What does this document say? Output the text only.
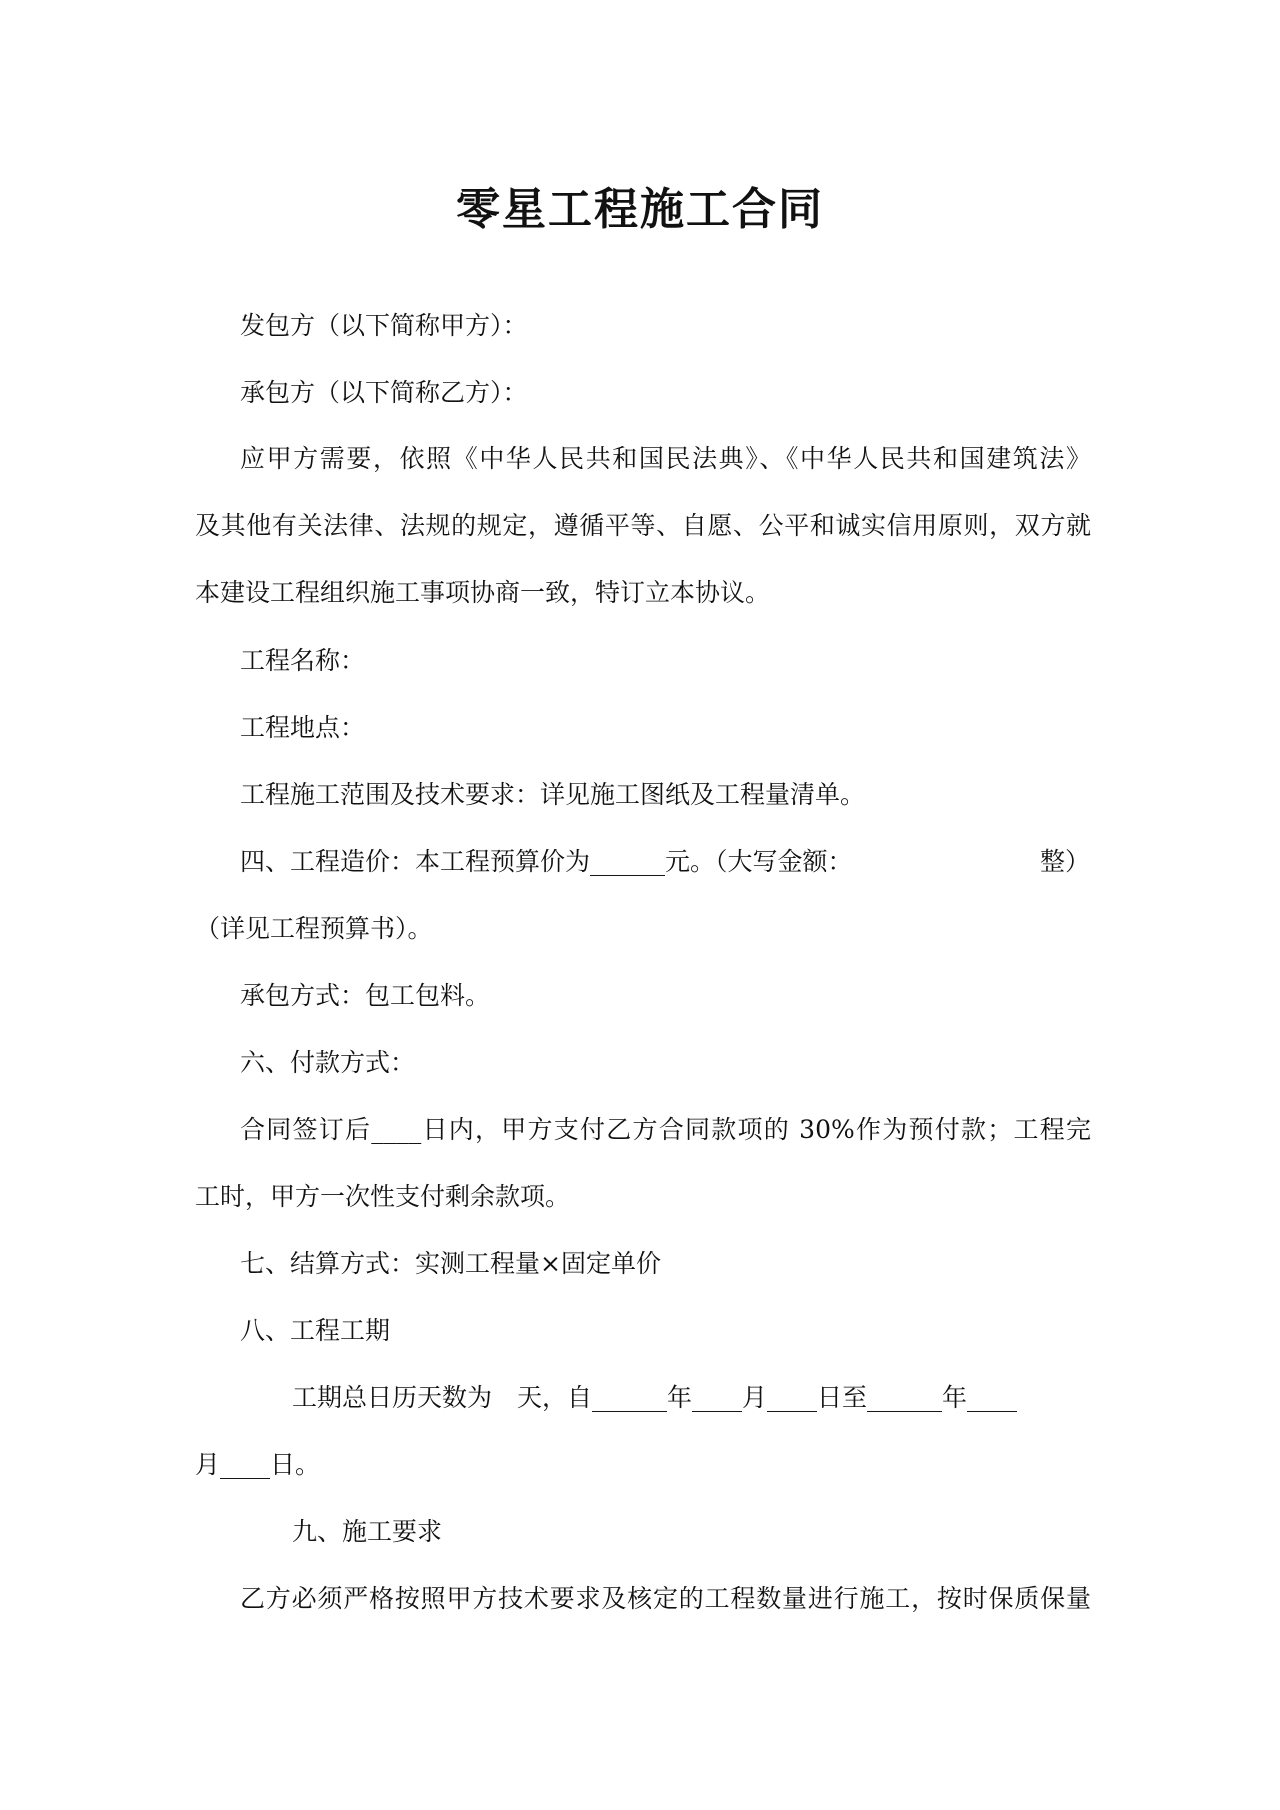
零星工程施工合同
发包方（以下简称甲方）：
承包方（以下简称乙方）：
应甲方需要，依照《中华人民共和国民法典》、《中华人民共和国建筑法》
及其他有关法律、法规的规定，遵循平等、自愿、公平和诚实信用原则，双方就
本建设工程组织施工事项协商一致，特订立本协议。
工程名称：
工程地点：
工程施工范围及技术要求：详见施工图纸及工程量清单。
四、工程造价：本工程预算价为______元。（大写金额：	整）
（详见工程预算书）。
承包方式：包工包料。
六、付款方式：
合同签订后____日内，甲方支付乙方合同款项的 30%作为预付款；工程完
工时，甲方一次性支付剩余款项。
七、结算方式：实测工程量×固定单价
八、工程工期
工期总日历天数为　天，自______年____月____日至______年____
月____日。
九、施工要求
乙方必须严格按照甲方技术要求及核定的工程数量进行施工，按时保质保量
